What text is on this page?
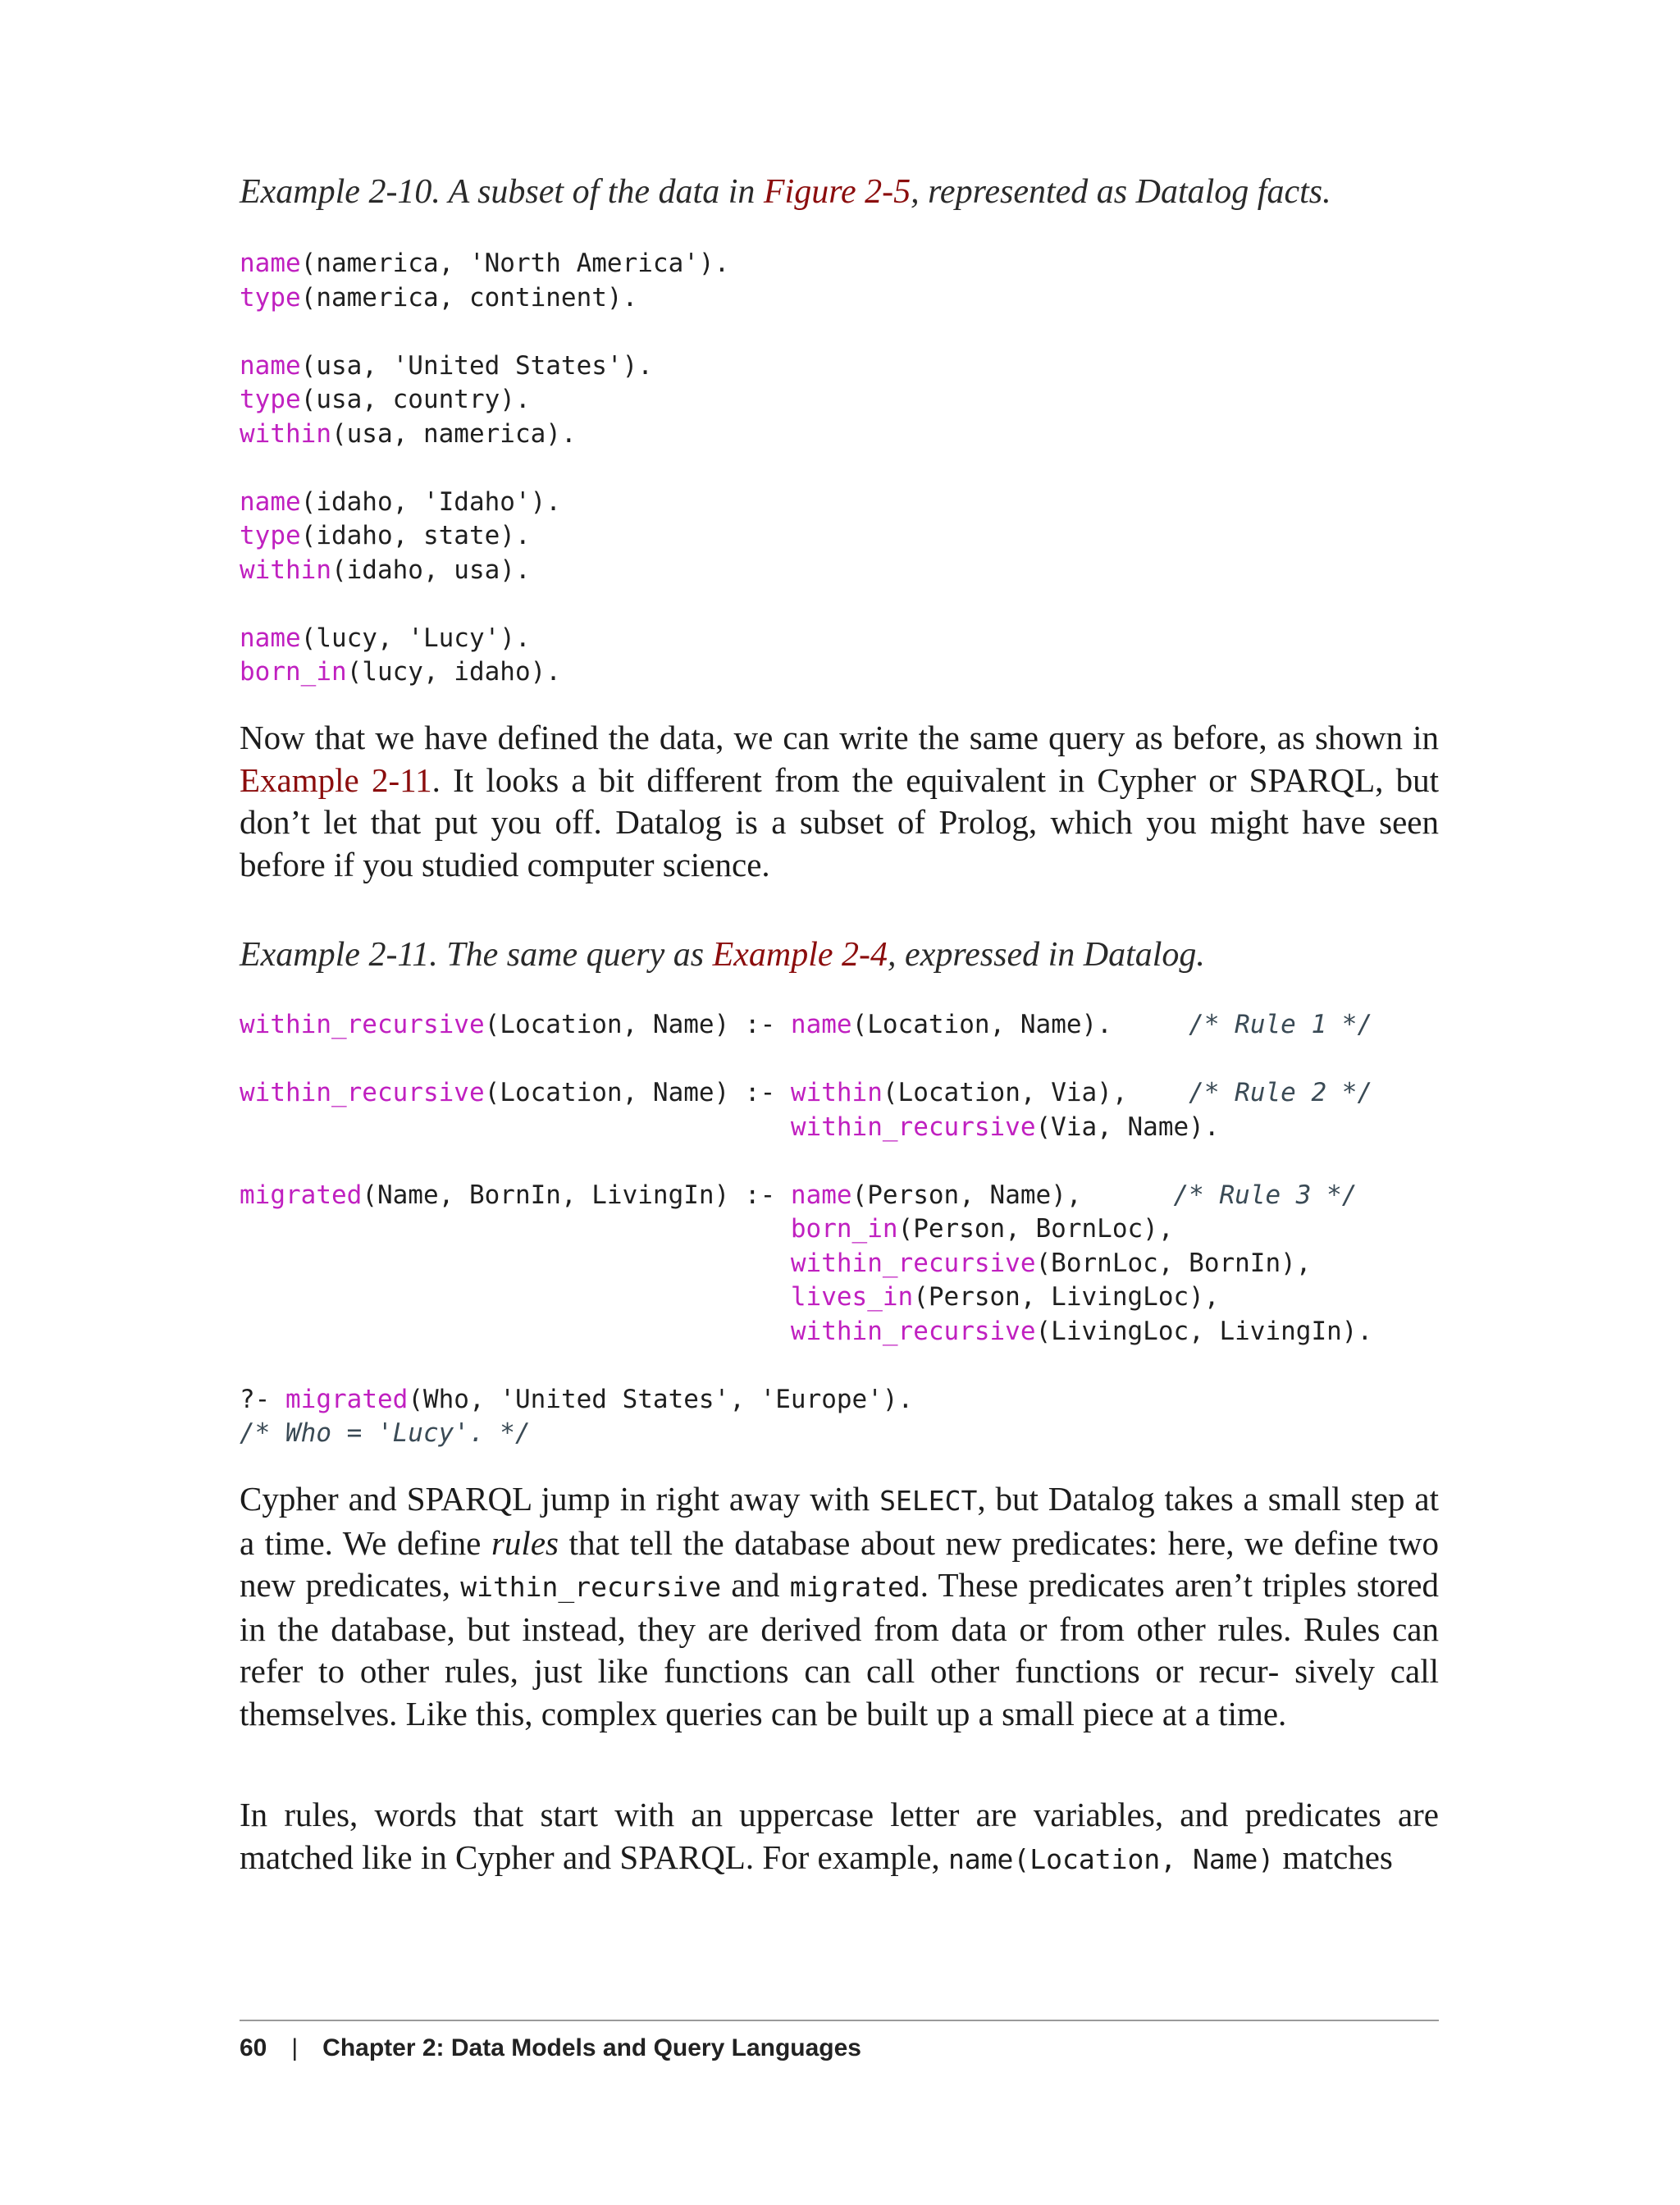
Example 2-10. A subset of the data in Figure 2-5, represented as Datalog facts.
name(namerica, 'North America').
type(namerica, continent).

name(usa, 'United States').
type(usa, country).
within(usa, namerica).

name(idaho, 'Idaho').
type(idaho, state).
within(idaho, usa).

name(lucy, 'Lucy').
born_in(lucy, idaho).

Now that we have defined the data, we can write the same query as before, as shown in Example 2-11. It looks a bit different from the equivalent in Cypher or SPARQL, but don’t let that put you off. Datalog is a subset of Prolog, which you might have seen before if you studied computer science.

Example 2-11. The same query as Example 2-4, expressed in Datalog.
within_recursive(Location, Name) :- name(Location, Name).     /* Rule 1 */

within_recursive(Location, Name) :- within(Location, Via),    /* Rule 2 */
within_recursive(Via, Name).

migrated(Name, BornIn, LivingIn) :- name(Person, Name),      /* Rule 3 */
born_in(Person, BornLoc),
within_recursive(BornLoc, BornIn),
lives_in(Person, LivingLoc),
within_recursive(LivingLoc, LivingIn).

?- migrated(Who, 'United States', 'Europe').
/* Who = 'Lucy'. */

Cypher and SPARQL jump in right away with SELECT, but Datalog takes a small step at a time. We define rules that tell the database about new predicates: here, we define two new predicates, within_recursive and migrated. These predicates aren’t triples stored in the database, but instead, they are derived from data or from other rules. Rules can refer to other rules, just like functions can call other functions or recur‐ sively call themselves. Like this, complex queries can be built up a small piece at a time.

In rules, words that start with an uppercase letter are variables, and predicates are matched like in Cypher and SPARQL. For example, name(Location, Name) matches

60 | Chapter 2: Data Models and Query Languages
